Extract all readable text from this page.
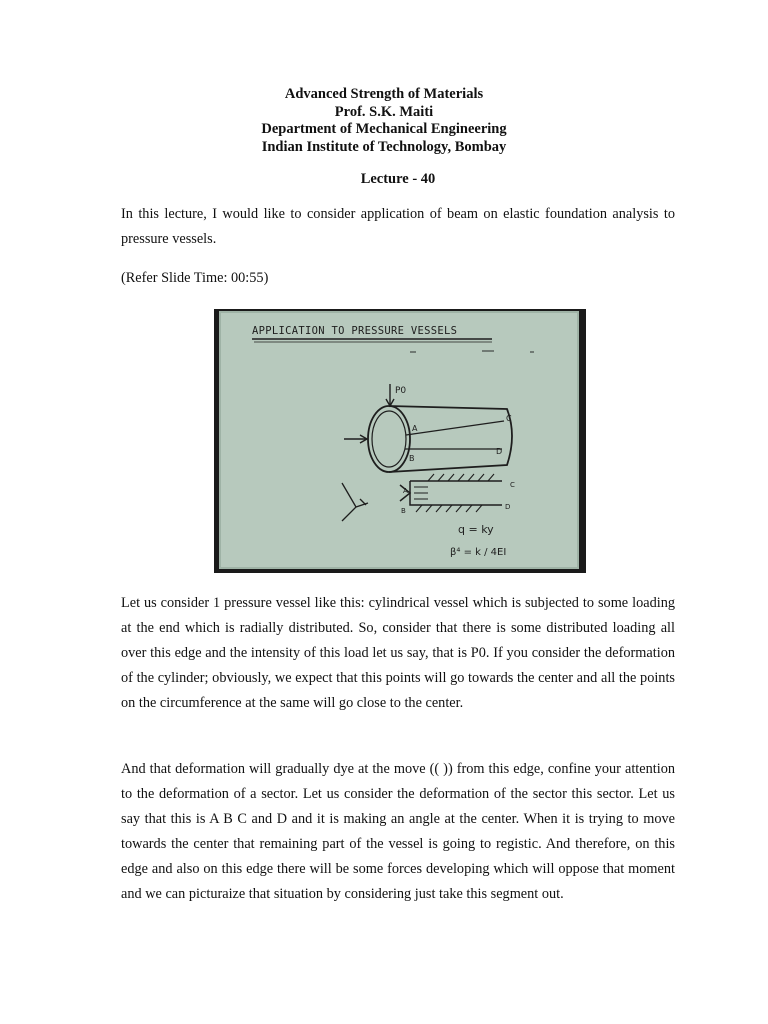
Advanced Strength of Materials
Prof. S.K. Maiti
Department of Mechanical Engineering
Indian Institute of Technology, Bombay
Lecture - 40

In this lecture, I would like to consider application of beam on elastic foundation analysis to pressure vessels.

(Refer Slide Time: 00:55)

APPLICATION TO PRESSURE VESSELS
P0
A
B
C
D
A
B
C
D
q = ky
β⁴ = k / 4EI

Let us consider 1 pressure vessel like this: cylindrical vessel which is subjected to some loading at the end which is radially distributed. So, consider that there is some distributed loading all over this edge and the intensity of this load let us say, that is P0. If you consider the deformation of the cylinder; obviously, we expect that this points will go towards the center and all the points on the circumference at the same will go close to the center.

And that deformation will gradually dye at the move (( )) from this edge, confine your attention to the deformation of a sector. Let us consider the deformation of the sector this sector. Let us say that this is A B C and D and it is making an angle at the center. When it is trying to move towards the center that remaining part of the vessel is going to registic. And therefore, on this edge and also on this edge there will be some forces developing which will oppose that moment and we can picturaize that situation by considering just take this segment out.
